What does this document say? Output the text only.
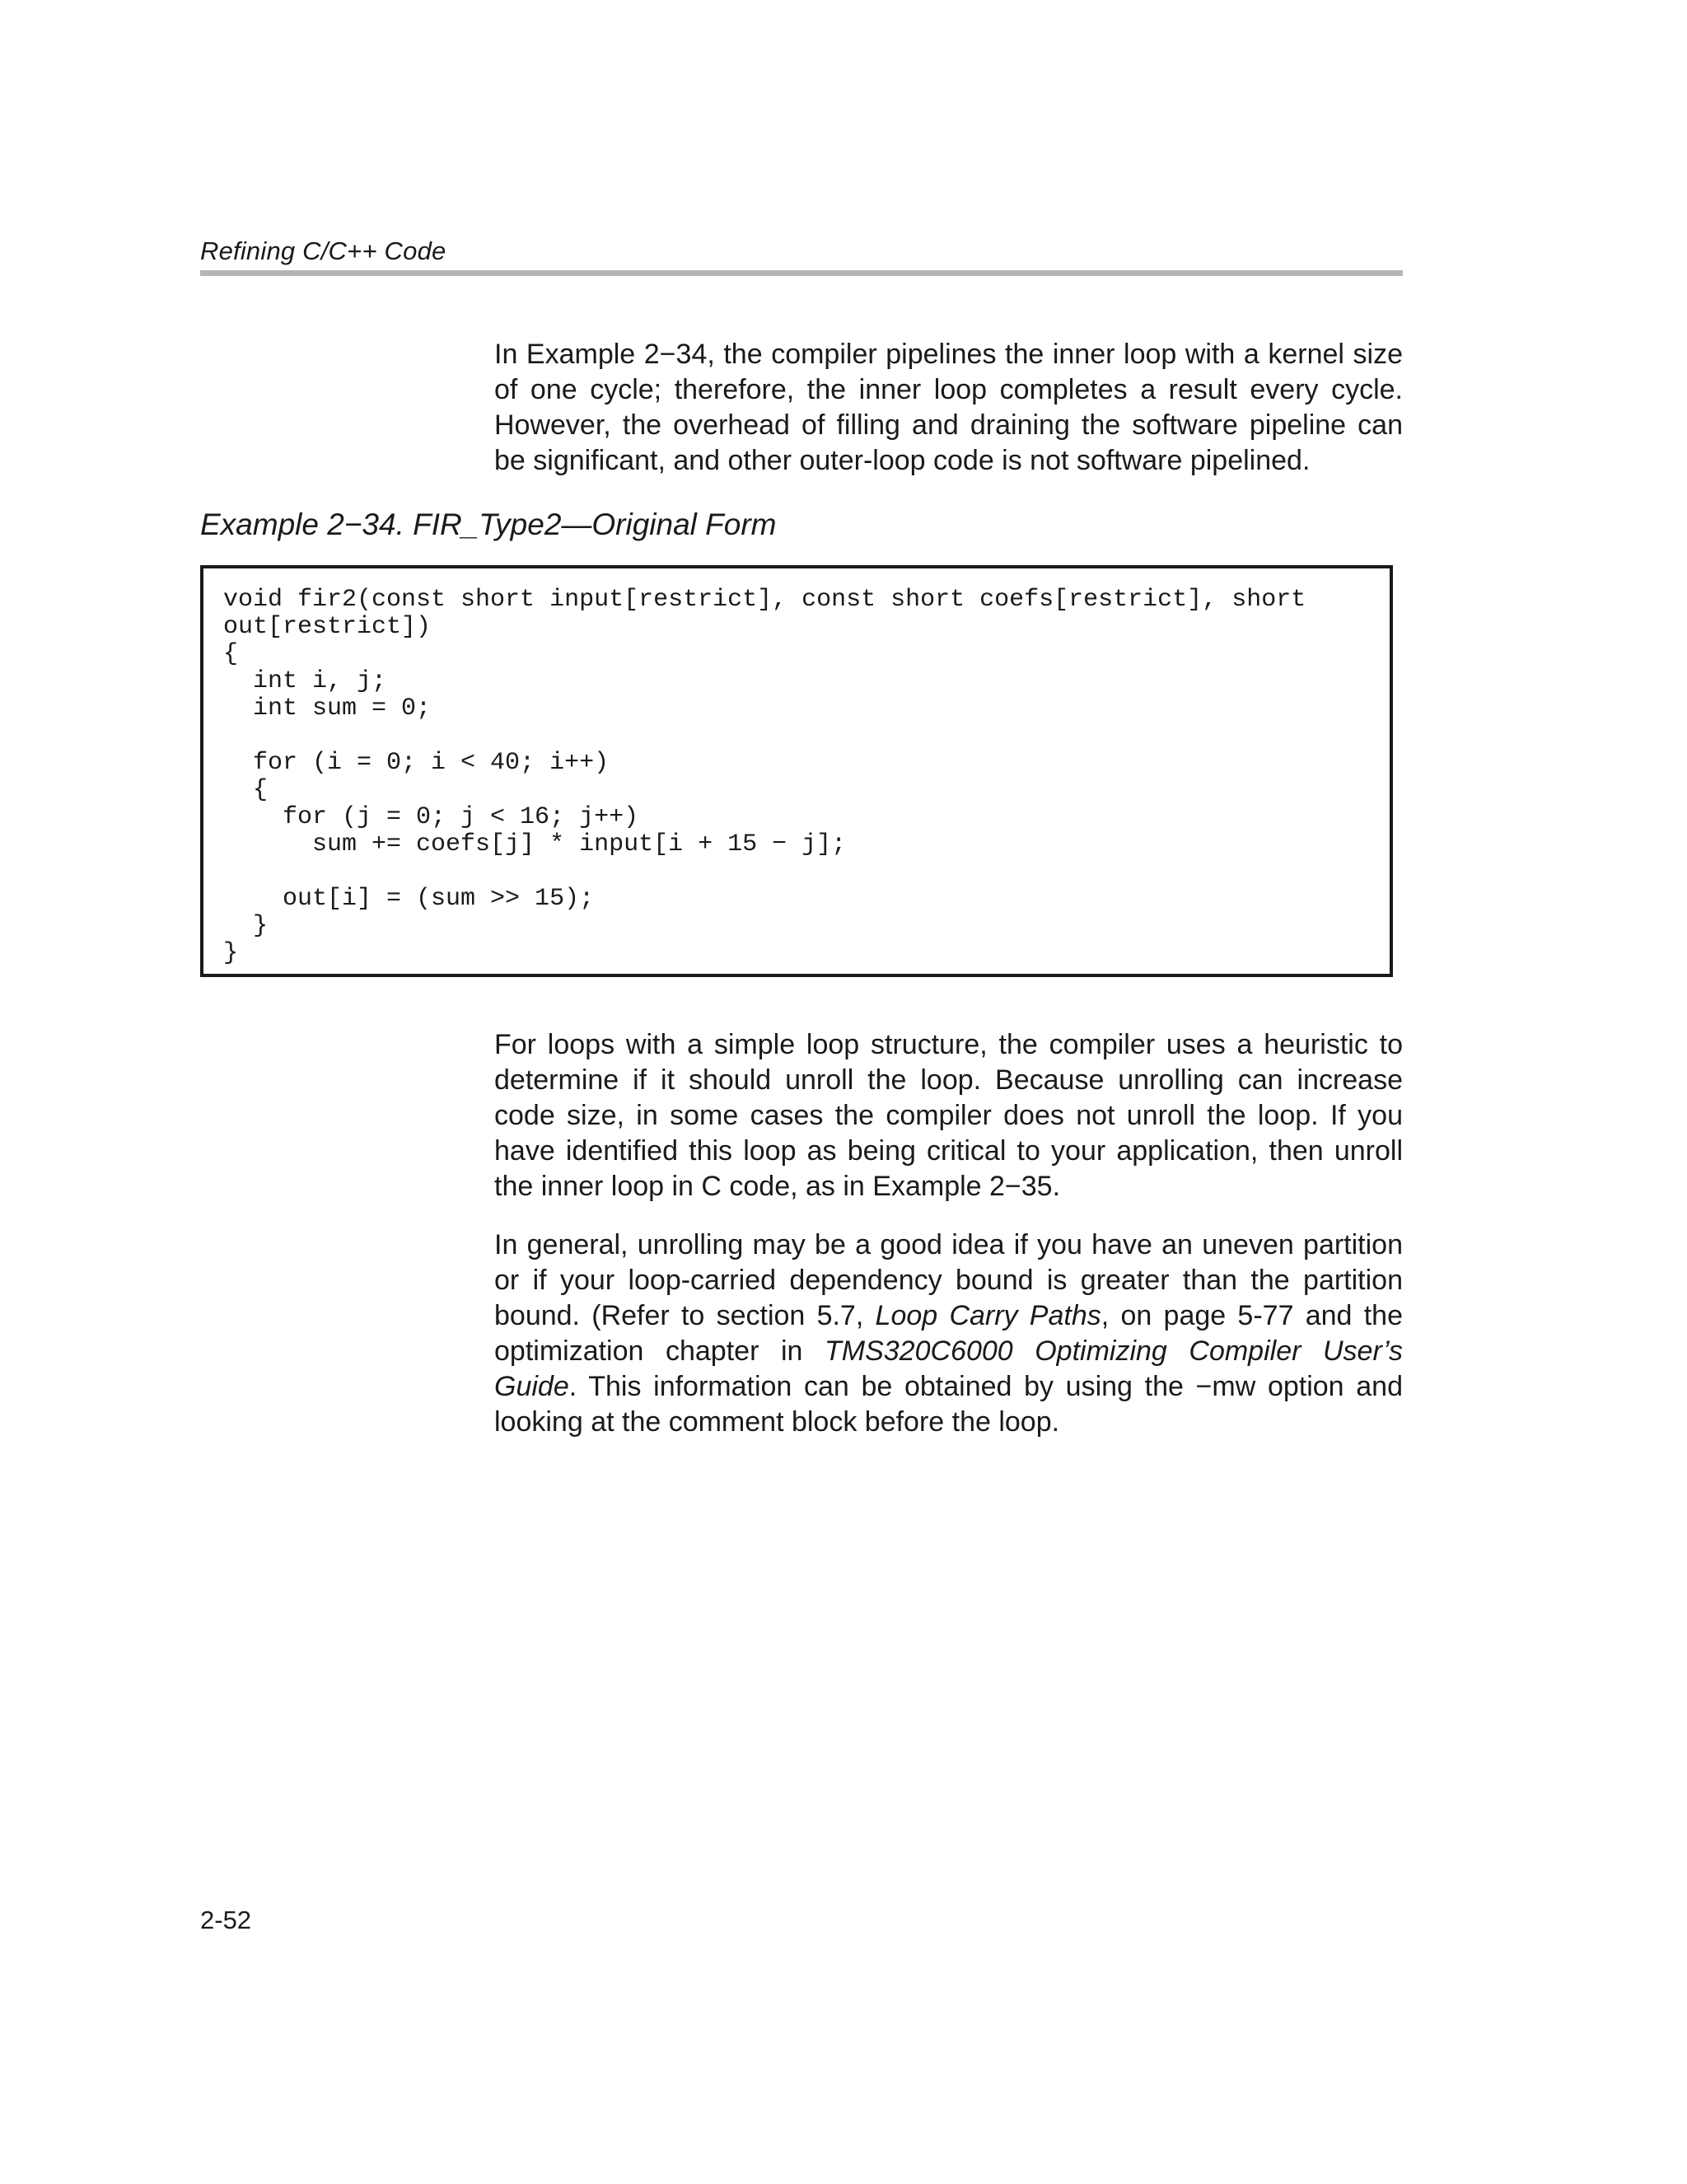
Refining C/C++ Code

In Example 2−34, the compiler pipelines the inner loop with a kernel size of one cycle; therefore, the inner loop completes a result every cycle. However, the overhead of filling and draining the software pipeline can be significant, and other outer-loop code is not software pipelined.

Example 2−34. FIR_Type2—Original Form
void fir2(const short input[restrict], const short coefs[restrict], short
out[restrict])
{
int i, j;
int sum = 0;

for (i = 0; i < 40; i++)
{
for (j = 0; j < 16; j++)
sum += coefs[j] * input[i + 15 − j];

out[i] = (sum >> 15);
}
}

For loops with a simple loop structure, the compiler uses a heuristic to determine if it should unroll the loop. Because unrolling can increase code size, in some cases the compiler does not unroll the loop. If you have identified this loop as being critical to your application, then unroll the inner loop in C code, as in Example 2−35.

In general, unrolling may be a good idea if you have an uneven partition or if your loop-carried dependency bound is greater than the partition bound. (Refer to section 5.7, Loop Carry Paths, on page 5-77 and the optimization chapter in TMS320C6000 Optimizing Compiler User’s Guide. This information can be obtained by using the −mw option and looking at the comment block before the loop.

2-52
